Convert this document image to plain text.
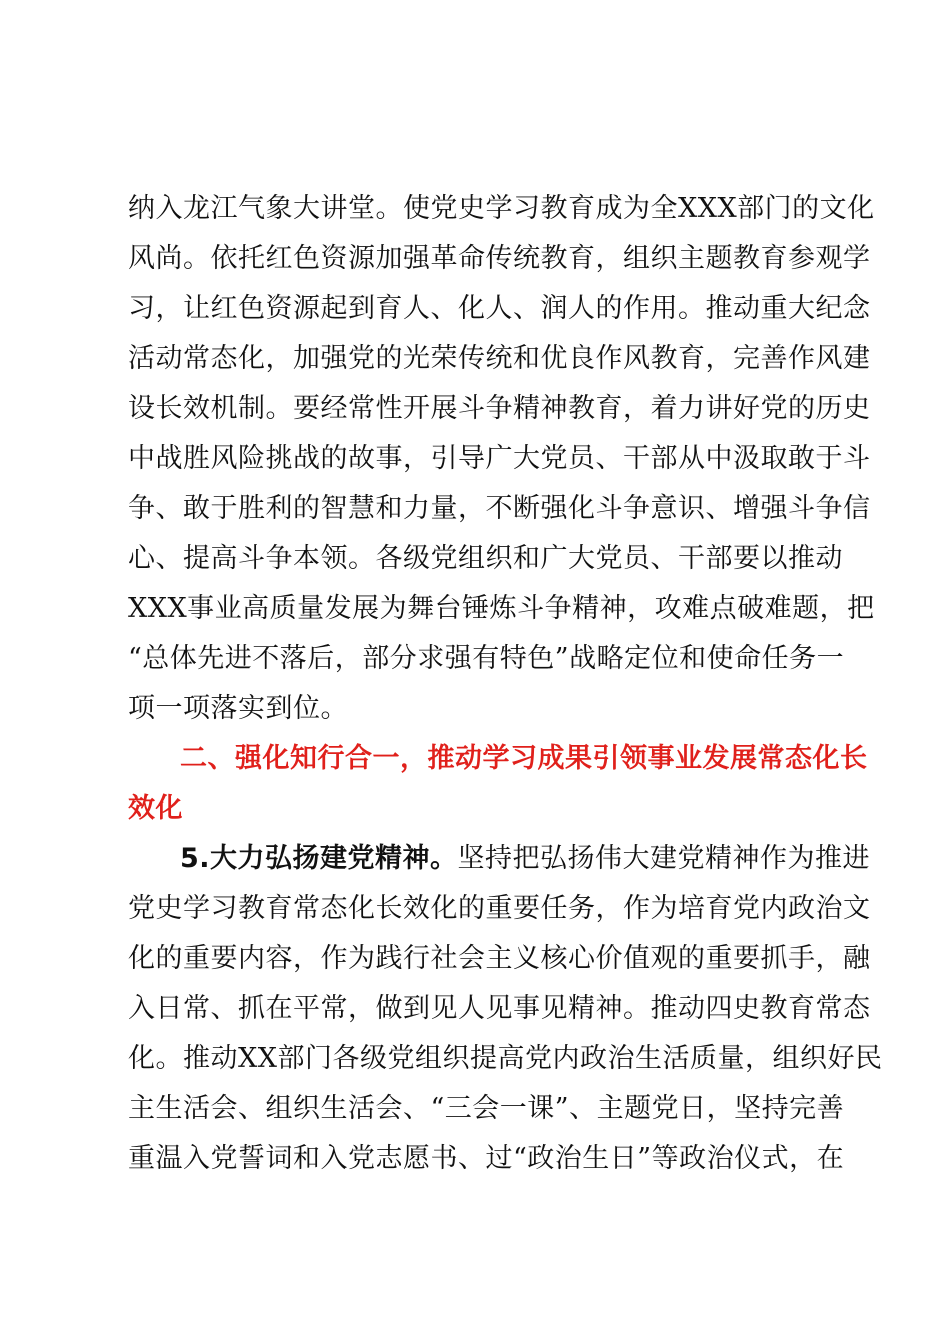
纳入龙江气象大讲堂。使党史学习教育成为全XXX部门的文化
风尚。依托红色资源加强革命传统教育，组织主题教育参观学
习，让红色资源起到育人、化人、润人的作用。推动重大纪念
活动常态化，加强党的光荣传统和优良作风教育，完善作风建
设长效机制。要经常性开展斗争精神教育，着力讲好党的历史
中战胜风险挑战的故事，引导广大党员、干部从中汲取敢于斗
争、敢于胜利的智慧和力量，不断强化斗争意识、增强斗争信
心、提高斗争本领。各级党组织和广大党员、干部要以推动
XXX事业高质量发展为舞台锤炼斗争精神，攻难点破难题，把
“总体先进不落后，部分求强有特色”战略定位和使命任务一
项一项落实到位。
二、强化知行合一，推动学习成果引领事业发展常态化长
效化
5.大力弘扬建党精神。坚持把弘扬伟大建党精神作为推进
党史学习教育常态化长效化的重要任务，作为培育党内政治文
化的重要内容，作为践行社会主义核心价值观的重要抓手，融
入日常、抓在平常，做到见人见事见精神。推动四史教育常态
化。推动XX部门各级党组织提高党内政治生活质量，组织好民
主生活会、组织生活会、“三会一课”、主题党日，坚持完善
重温入党誓词和入党志愿书、过“政治生日”等政治仪式，在
